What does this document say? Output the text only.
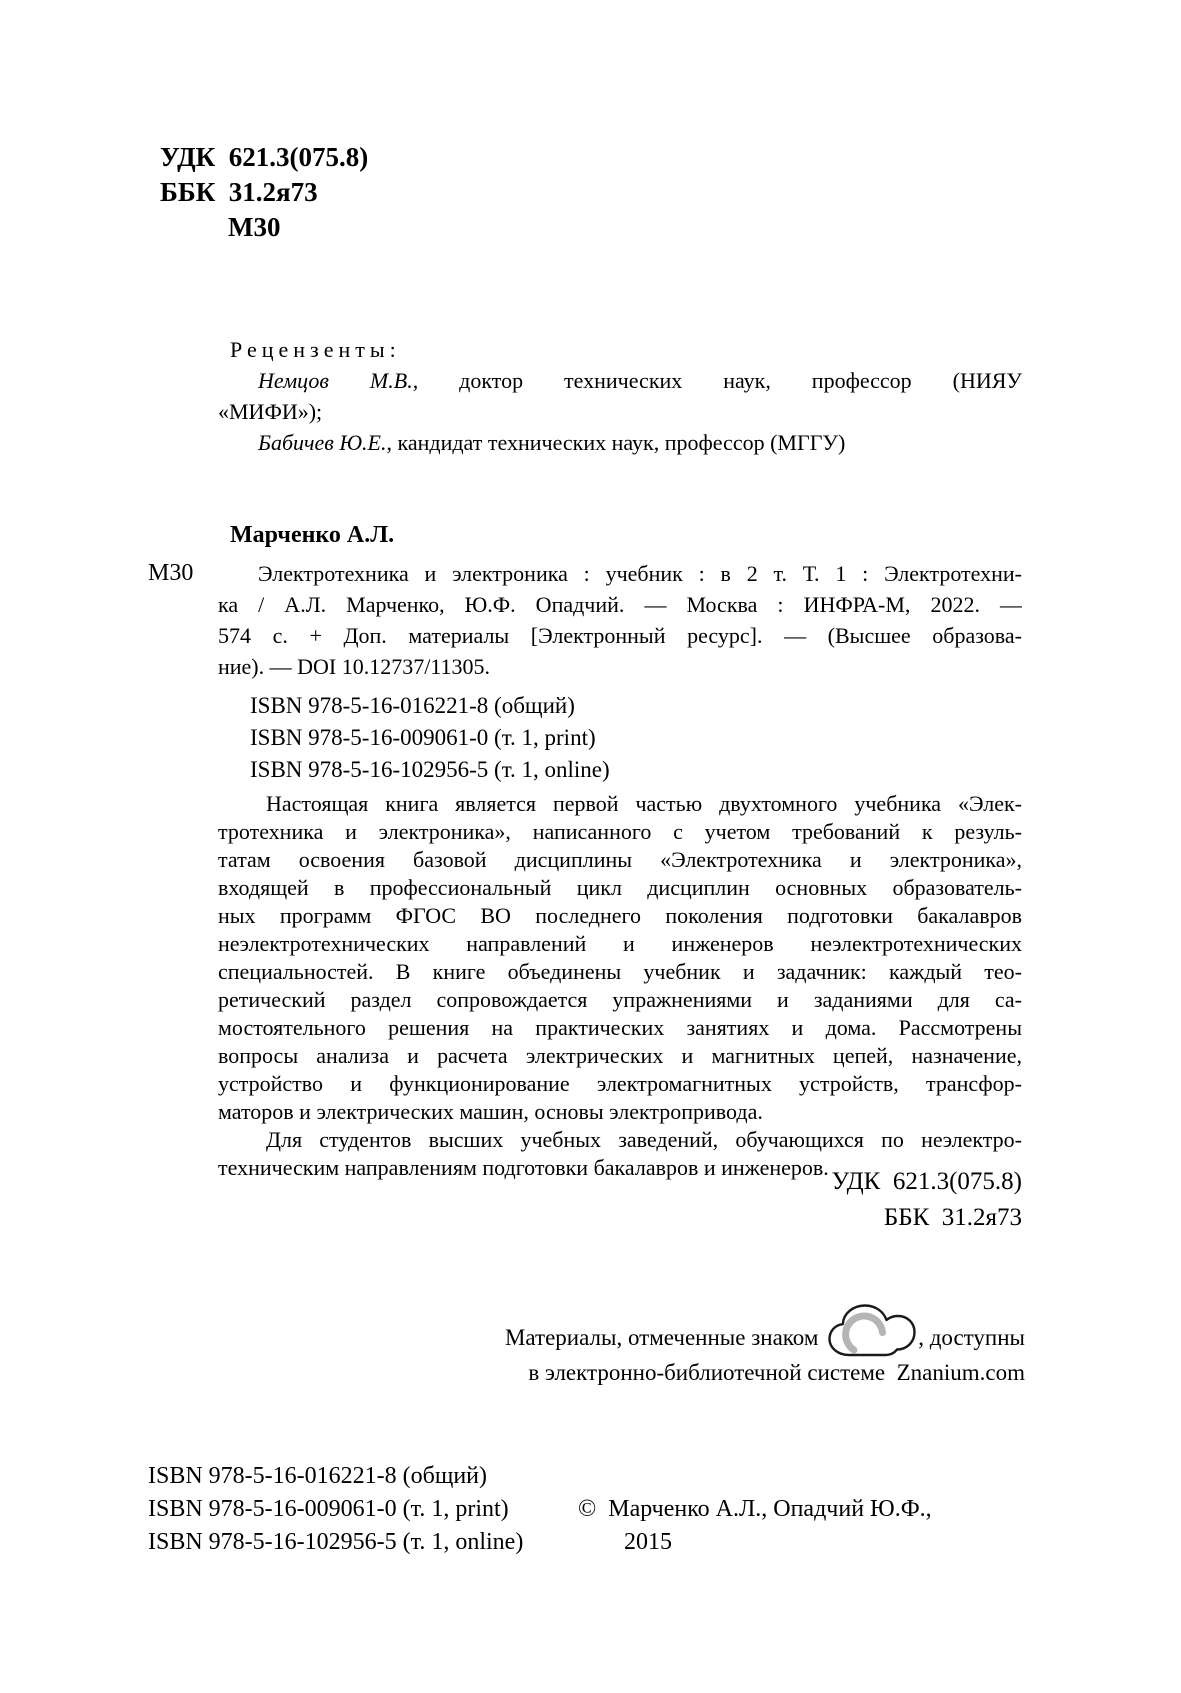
УДК  621.3(075.8)
ББК  31.2я73
М30
Рецензенты:
Немцов М.В., доктор технических наук, профессор (НИЯУ
«МИФИ»);
Бабичев Ю.Е., кандидат технических наук, профессор (МГГУ)
Марченко А.Л.
М30	Электротехника и электроника : учебник : в 2 т. Т. 1 : Электротехни-
ка / А.Л. Марченко, Ю.Ф. Опадчий. — Москва : ИНФРА-М, 2022. —
574 с. + Доп. материалы [Электронный ресурс]. — (Высшее образова-
ние). — DOI 10.12737/11305.
ISBN 978-5-16-016221-8 (общий)
ISBN 978-5-16-009061-0 (т. 1, print)
ISBN 978-5-16-102956-5 (т. 1, online)
Настоящая книга является первой частью двухтомного учебника «Элек-
тротехника и электроника», написанного с учетом требований к резуль-
татам освоения базовой дисциплины «Электротехника и электроника»,
входящей в профессиональный цикл дисциплин основных образователь-
ных программ ФГОС ВО последнего поколения подготовки бакалавров
неэлектротехнических направлений и инженеров неэлектротехнических
специальностей. В книге объединены учебник и задачник: каждый тео-
ретический раздел сопровождается упражнениями и заданиями для са-
мостоятельного решения на практических занятиях и дома. Рассмотрены
вопросы анализа и расчета электрических и магнитных цепей, назначение,
устройство и функционирование электромагнитных устройств, трансфор-
маторов и электрических машин, основы электропривода.
Для студентов высших учебных заведений, обучающихся по неэлектро-
техническим направлениям подготовки бакалавров и инженеров.
УДК  621.3(075.8)
ББК  31.2я73
Материалы, отмеченные знаком	, доступны
в электронно-библиотечной системе  Znanium.com
ISBN 978-5-16-016221-8 (общий)
ISBN 978-5-16-009061-0 (т. 1, print)
ISBN 978-5-16-102956-5 (т. 1, online)
©  Марченко А.Л., Опадчий Ю.Ф.,
2015
